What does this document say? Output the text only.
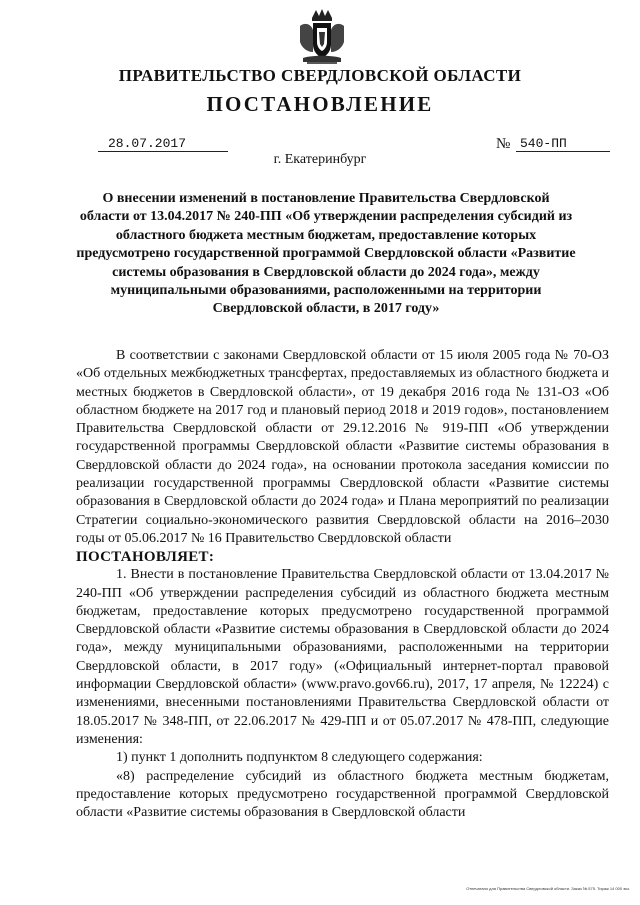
ПРАВИТЕЛЬСТВО СВЕРДЛОВСКОЙ ОБЛАСТИ
ПОСТАНОВЛЕНИЕ
28.07.2017	№ 540-ПП
г. Екатеринбург
О внесении изменений в постановление Правительства Свердловской области от 13.04.2017 № 240-ПП «Об утверждении распределения субсидий из областного бюджета местным бюджетам, предоставление которых предусмотрено государственной программой Свердловской области «Развитие системы образования в Свердловской области до 2024 года», между муниципальными образованиями, расположенными на территории Свердловской области, в 2017 году»

В соответствии с законами Свердловской области от 15 июля 2005 года № 70-ОЗ «Об отдельных межбюджетных трансфертах, предоставляемых из областного бюджета и местных бюджетов в Свердловской области», от 19 декабря 2016 года № 131-ОЗ «Об областном бюджете на 2017 год и плановый период 2018 и 2019 годов», постановлением Правительства Свердловской области от 29.12.2016 № 919-ПП «Об утверждении государственной программы Свердловской области «Развитие системы образования в Свердловской области до 2024 года», на основании протокола заседания комиссии по реализации государственной программы Свердловской области «Развитие системы образования в Свердловской области до 2024 года» и Плана мероприятий по реализации Стратегии социально-экономического развития Свердловской области на 2016–2030 годы от 05.06.2017 № 16 Правительство Свердловской области

ПОСТАНОВЛЯЕТ:

1. Внести в постановление Правительства Свердловской области от 13.04.2017 № 240-ПП «Об утверждении распределения субсидий из областного бюджета местным бюджетам, предоставление которых предусмотрено государственной программой Свердловской области «Развитие системы образования в Свердловской области до 2024 года», между муниципальными образованиями, расположенными на территории Свердловской области, в 2017 году» («Официальный интернет-портал правовой информации Свердловской области» (www.pravo.gov66.ru), 2017, 17 апреля, № 12224) с изменениями, внесенными постановлениями Правительства Свердловской области от 18.05.2017 № 348-ПП, от 22.06.2017 № 429-ПП и от 05.07.2017 № 478-ПП, следующие изменения:

1) пункт 1 дополнить подпунктом 8 следующего содержания:

«8) распределение субсидий из областного бюджета местным бюджетам, предоставление которых предусмотрено государственной программой Свердловской области «Развитие системы образования в Свердловской области

Отпечатано для Правительства Свердловской области. Заказ № 575. Тираж 14 000 экз.
